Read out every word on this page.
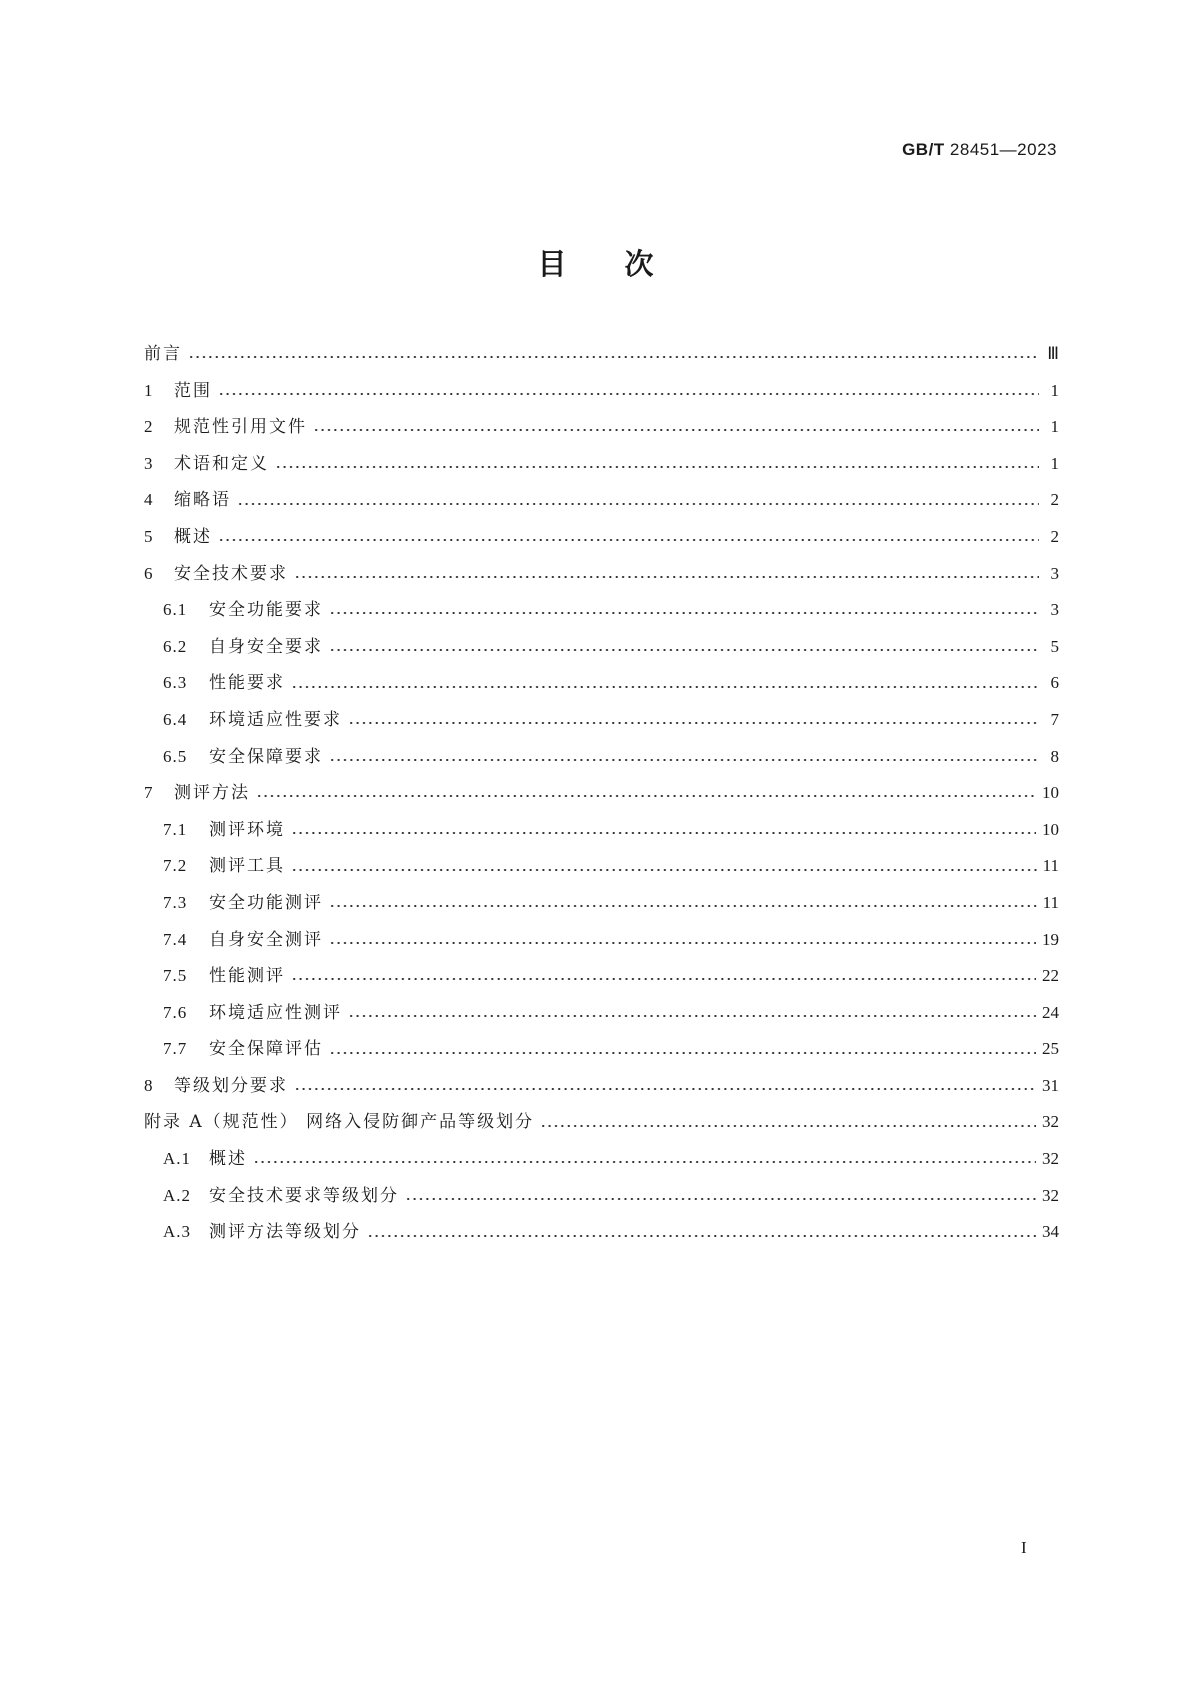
GB/T 28451—2023
目 次
前言	Ⅲ
1	范围	1
2	规范性引用文件	1
3	术语和定义	1
4	缩略语	2
5	概述	2
6	安全技术要求	3
6.1	安全功能要求	3
6.2	自身安全要求	5
6.3	性能要求	6
6.4	环境适应性要求	7
6.5	安全保障要求	8
7	测评方法	10
7.1	测评环境	10
7.2	测评工具	11
7.3	安全功能测评	11
7.4	自身安全测评	19
7.5	性能测评	22
7.6	环境适应性测评	24
7.7	安全保障评估	25
8	等级划分要求	31
附录 A（规范性） 网络入侵防御产品等级划分	32
A.1	概述	32
A.2	安全技术要求等级划分	32
A.3	测评方法等级划分	34
I
